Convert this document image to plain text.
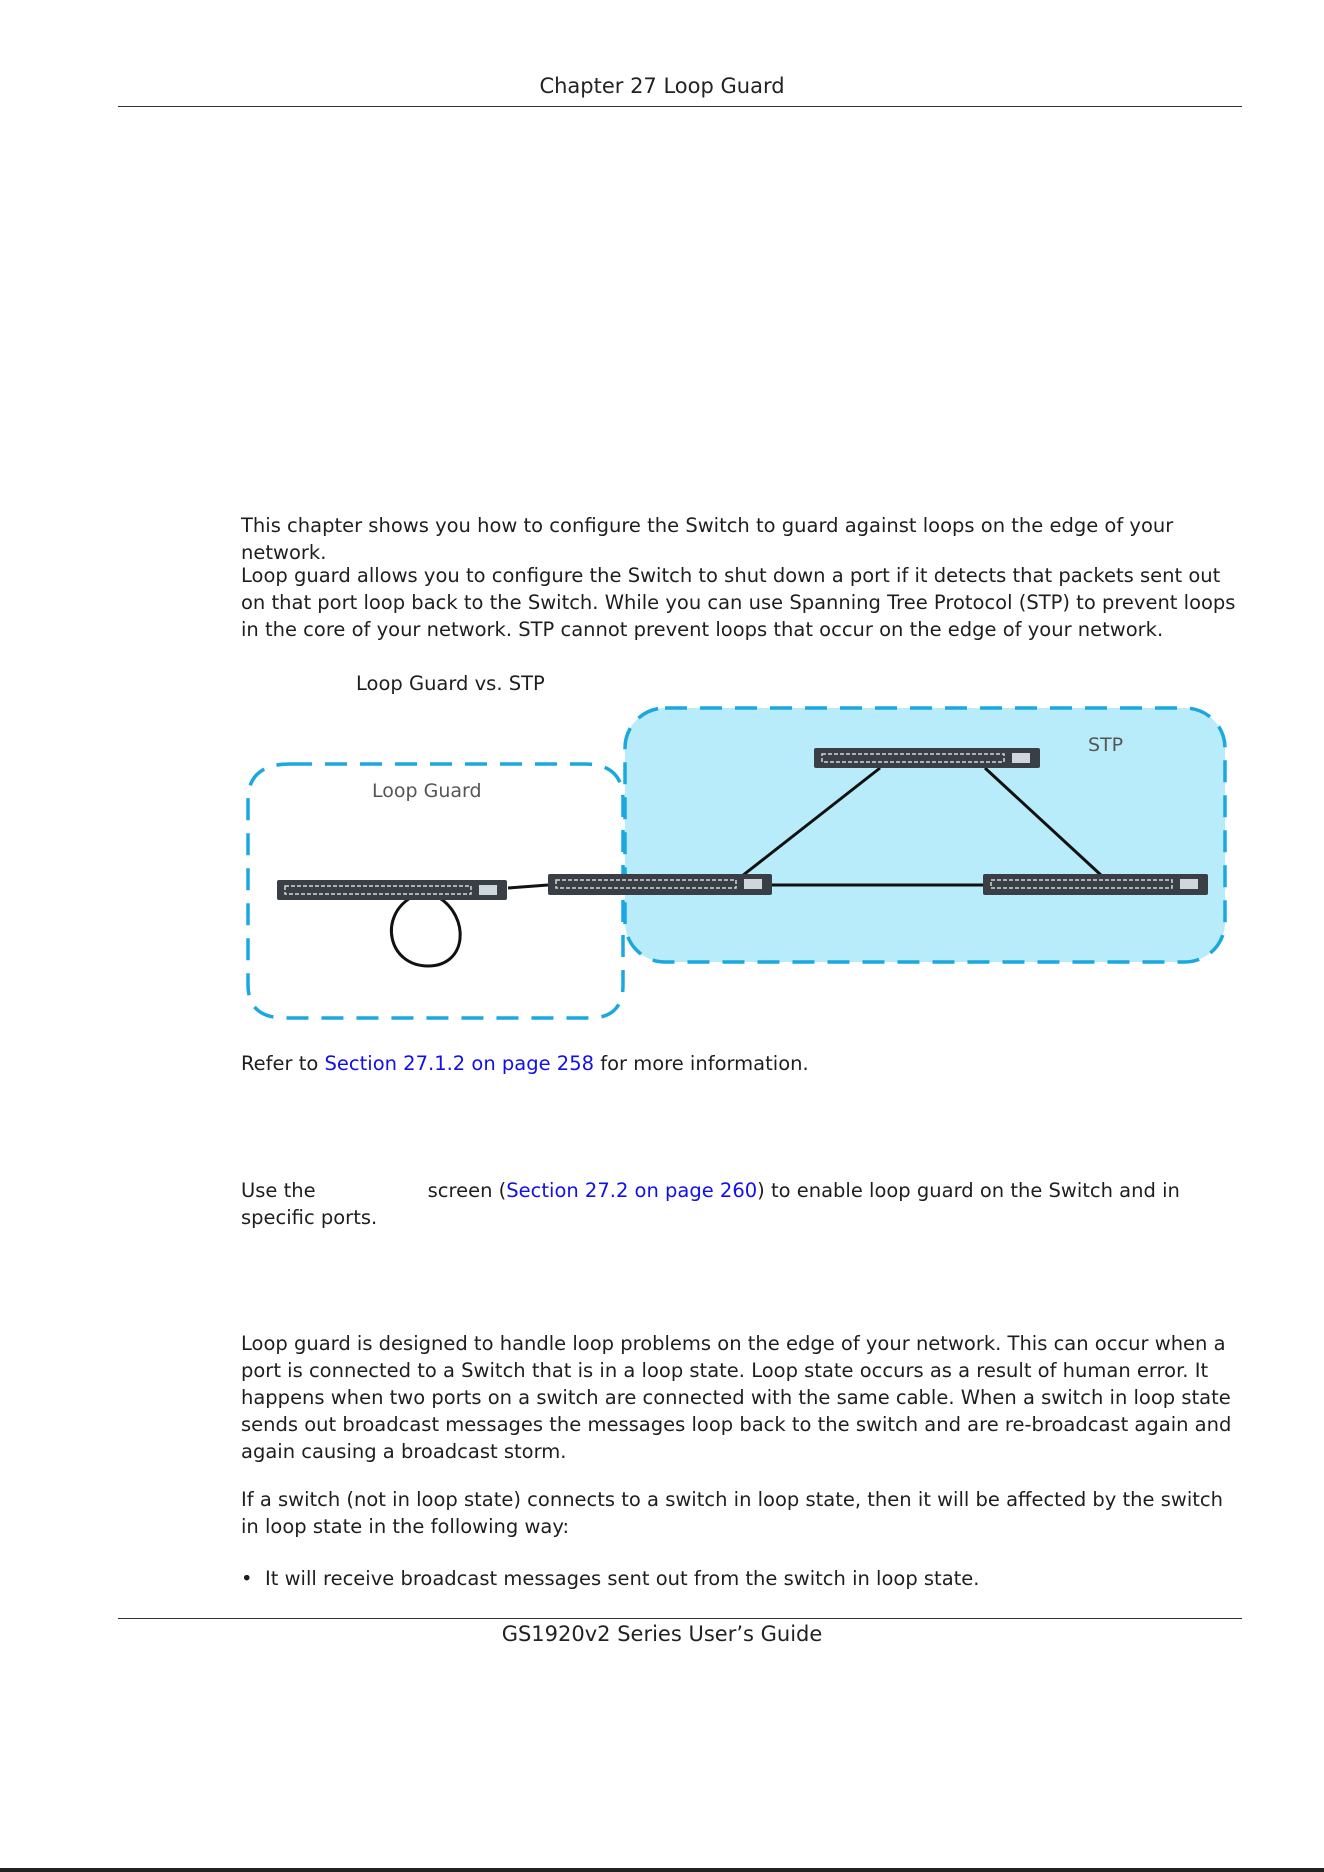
Chapter 27 Loop Guard
This chapter shows you how to configure the Switch to guard against loops on the edge of your network.
Loop guard allows you to configure the Switch to shut down a port if it detects that packets sent out on that port loop back to the Switch. While you can use Spanning Tree Protocol (STP) to prevent loops in the core of your network. STP cannot prevent loops that occur on the edge of your network.
Loop Guard vs. STP
Loop Guard
STP
Refer to Section 27.1.2 on page 258 for more information.
Use the	screen (Section 27.2 on page 260) to enable loop guard on the Switch and in
specific ports.
Loop guard is designed to handle loop problems on the edge of your network. This can occur when a port is connected to a Switch that is in a loop state. Loop state occurs as a result of human error. It happens when two ports on a switch are connected with the same cable. When a switch in loop state sends out broadcast messages the messages loop back to the switch and are re-broadcast again and again causing a broadcast storm.
If a switch (not in loop state) connects to a switch in loop state, then it will be affected by the switch in loop state in the following way:
• It will receive broadcast messages sent out from the switch in loop state.
GS1920v2 Series User’s Guide
